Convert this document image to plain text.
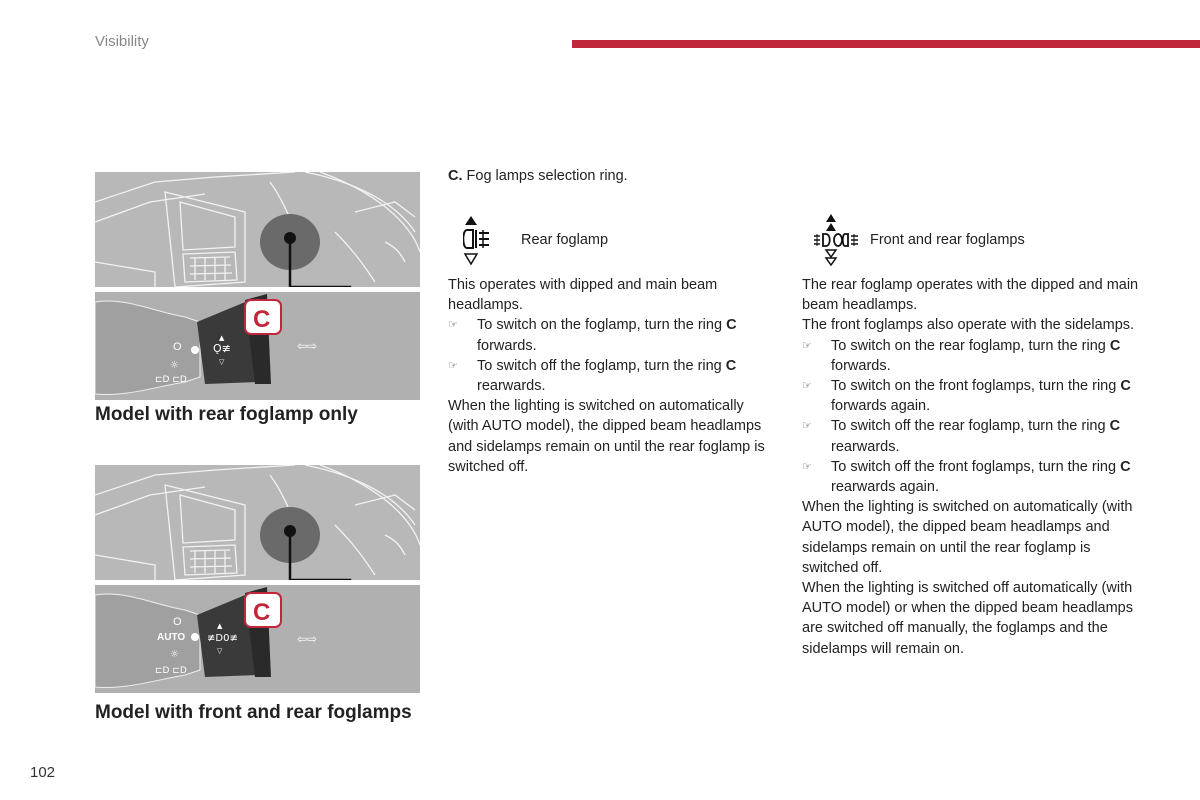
Visibility
O
☼
⊏D ⊏D
Ǫ≢
▲
▽
⇦⇨
C
Model with rear foglamp only
O
AUTO
☼
⊏D ⊏D
≢D0≢
▲
▽
⇦⇨
C
Model with front and rear foglamps
C. Fog lamps selection ring.
Rear foglamp	Front and rear foglamps

This operates with dipped and main beam headlamps.

☞ To switch on the foglamp, turn the ring C forwards.
☞ To switch off the foglamp, turn the ring C rearwards.

When the lighting is switched on automatically (with AUTO model), the dipped beam headlamps and sidelamps remain on until the rear foglamp is switched off.

The rear foglamp operates with the dipped and main beam headlamps.

The front foglamps also operate with the sidelamps.

☞ To switch on the rear foglamp, turn the ring C forwards.
☞ To switch on the front foglamps, turn the ring C forwards again.
☞ To switch off the rear foglamp, turn the ring C rearwards.
☞ To switch off the front foglamps, turn the ring C rearwards again.

When the lighting is switched on automatically (with AUTO model), the dipped beam headlamps and sidelamps remain on until the rear foglamp is switched off.

When the lighting is switched off automatically (with AUTO model) or when the dipped beam headlamps are switched off manually, the foglamps and the sidelamps will remain on.

102
